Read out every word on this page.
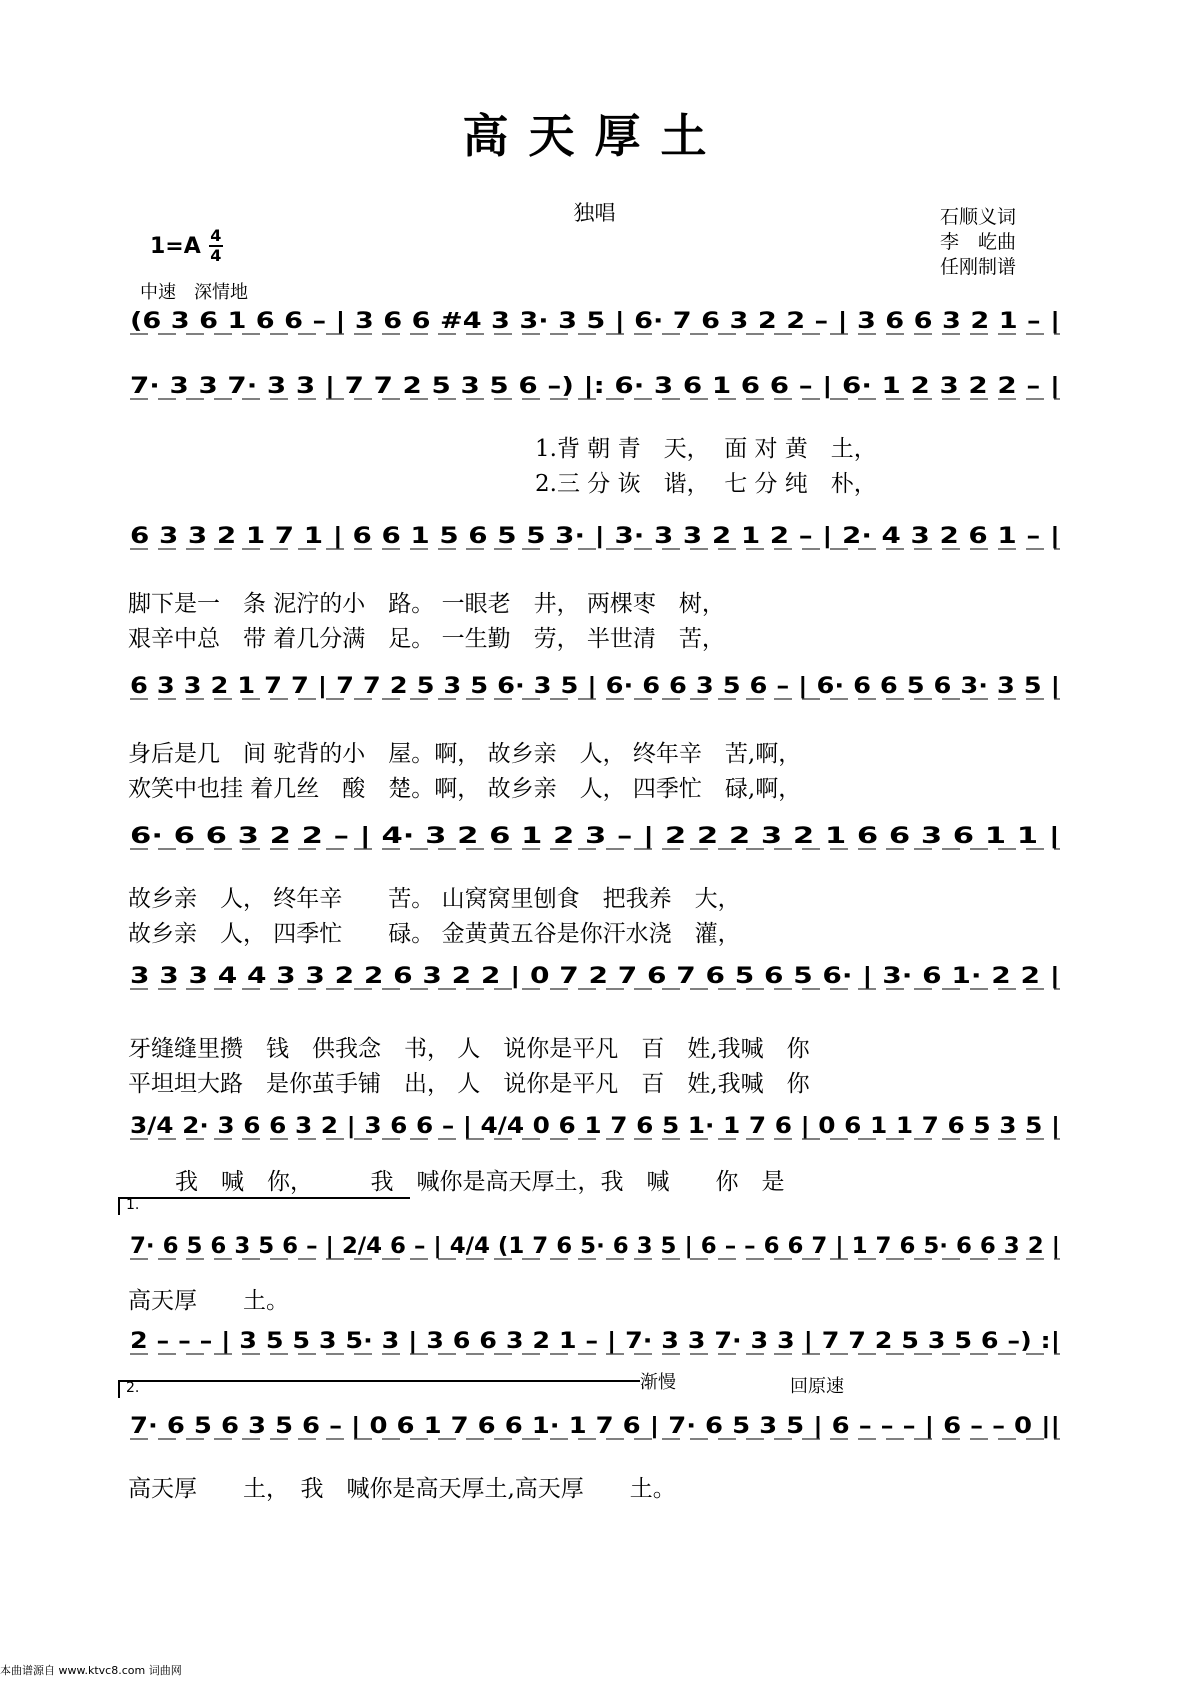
高天厚土
独唱	石顺义词
李　屹曲
任刚制谱
1=A 4
4
中速　深情地
(6 3 6 1 6 6 – | 3 6 6 #4 3 3· 3 5 | 6· 7 6 3 2 2 – | 3 6 6 3 2 1 – |
7· 3 3 7· 3 3 | 7 7 2 5 3 5 6 –) |: 6· 3 6 1 6 6 – | 6· 1 2 3 2 2 – |
6 3 3 2 1 7 1 | 6 6 1 5 6 5 5 3· | 3· 3 3 2 1 2 – | 2· 4 3 2 6 1 – |
6 3 3 2 1 7 7 | 7 7 2 5 3 5 6· 3 5 | 6· 6 6 3 5 6 – | 6· 6 6 5 6 3· 3 5 |
6· 6 6 3 2 2 – | 4· 3 2 6 1 2 3 – | 2 2 2 3 2 1 6 6 3 6 1 1 |
3 3 3 4 4 3 3 2 2 6 3 2 2 | 0 7 2 7 6 7 6 5 6 5 6· | 3· 6 1· 2 2 |
3/4 2· 3 6 6 3 2 | 3 6 6 – | 4/4 0 6 1 7 6 5 1· 1 7 6 | 0 6 1 1 7 6 5 3 5 |
7· 6 5 6 3 5 6 – | 2/4 6 – | 4/4 (1 7 6 5· 6 3 5 | 6 – – 6 6 7 | 1 7 6 5· 6 6 3 2 |
2 – – – | 3 5 5 3 5· 3 | 3 6 6 3 2 1 – | 7· 3 3 7· 3 3 | 7 7 2 5 3 5 6 –) :|
7· 6 5 6 3 5 6 – | 0 6 1 7 6 6 1· 1 7 6 | 7· 6 5 3 5 | 6 – – – | 6 – – 0 ||
1.背 朝 青　天，  面 对 黄　土，
2.三 分 诙　谐，  七 分 纯　朴，
脚下是一　条 泥泞的小　路。 一眼老　井， 两棵枣　树，
艰辛中总　带 着几分满　足。 一生勤　劳， 半世清　苦，
身后是几　间 驼背的小　屋。啊， 故乡亲　人， 终年辛　苦,啊，
欢笑中也挂 着几丝　酸　楚。啊， 故乡亲　人， 四季忙　碌,啊，
故乡亲　人， 终年辛　　苦。 山窝窝里刨食　把我养　大，
故乡亲　人， 四季忙　　碌。 金黄黄五谷是你汗水浇　灌，
牙缝缝里攒　钱　供我念　书， 人　说你是平凡　百　姓,我喊　你
平坦坦大路　是你茧手铺　出， 人　说你是平凡　百　姓,我喊　你
我　喊　你，　　　我　喊你是高天厚土，我　喊　　你　是
高天厚　　土。
高天厚　　土，　我　喊你是高天厚土,高天厚　　土。
1.
2.	渐慢	回原速
本曲谱源自 www.ktvc8.com 词曲网
